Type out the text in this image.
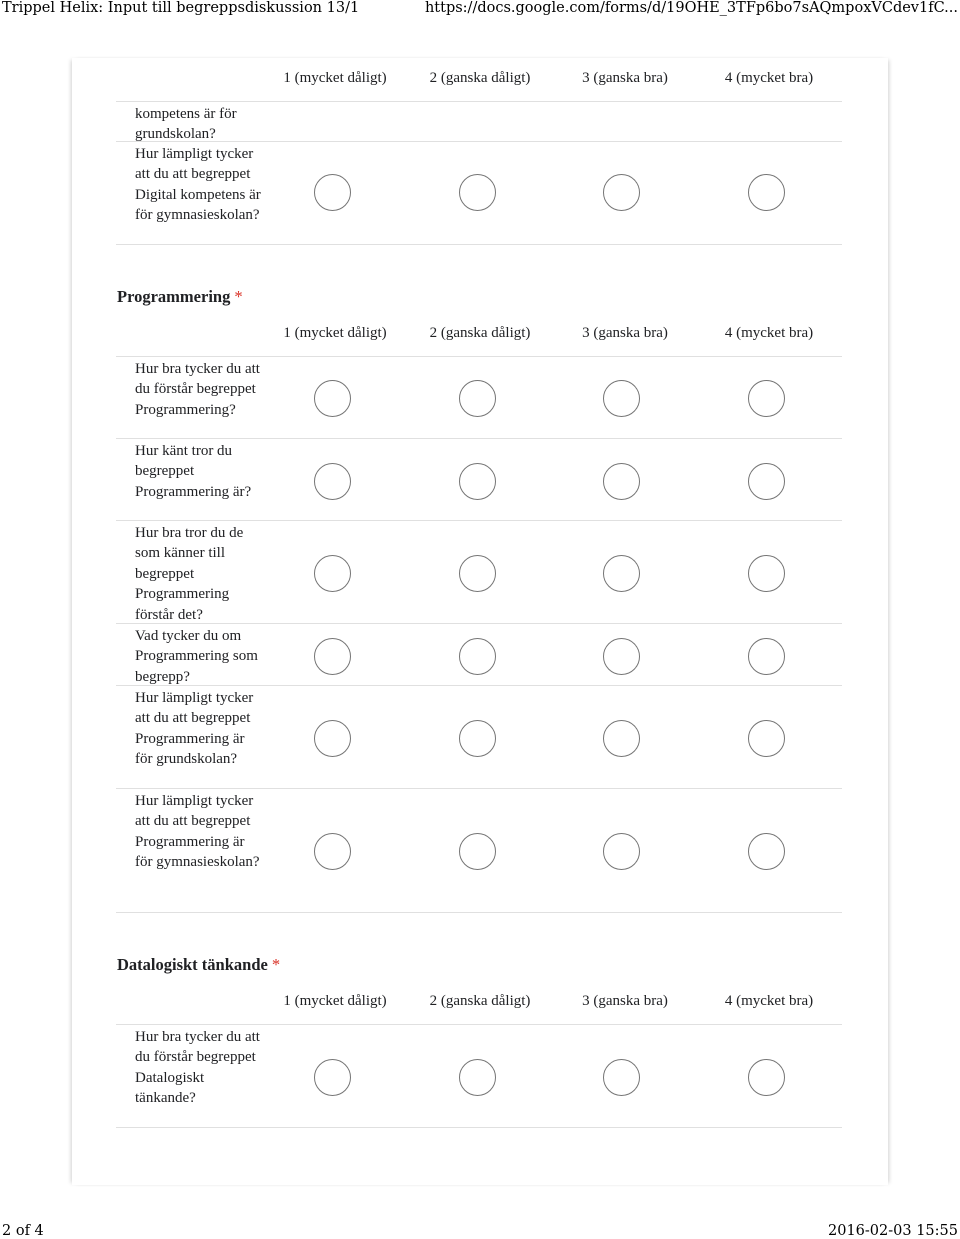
Trippel Helix: Input till begreppsdiskussion 13/1	https://docs.google.com/forms/d/19OHE_3TFp6bo7sAQmpoxVCdev1fC...
1 (mycket dåligt)	2 (ganska dåligt)	3 (ganska bra)	4 (mycket bra)
kompetens är för grundskolan?
Hur lämpligt tycker att du att begreppet Digital kompetens är för gymnasieskolan?
Programmering *
1 (mycket dåligt)	2 (ganska dåligt)	3 (ganska bra)	4 (mycket bra)
Hur bra tycker du att du förstår begreppet Programmering?
Hur känt tror du begreppet Programmering är?
Hur bra tror du de som känner till begreppet Programmering förstår det?
Vad tycker du om Programmering som begrepp?
Hur lämpligt tycker att du att begreppet Programmering är för grundskolan?
Hur lämpligt tycker att du att begreppet Programmering är för gymnasieskolan?
Datalogiskt tänkande *
1 (mycket dåligt)	2 (ganska dåligt)	3 (ganska bra)	4 (mycket bra)
Hur bra tycker du att du förstår begreppet Datalogiskt tänkande?
2 of 4	2016-02-03 15:55
